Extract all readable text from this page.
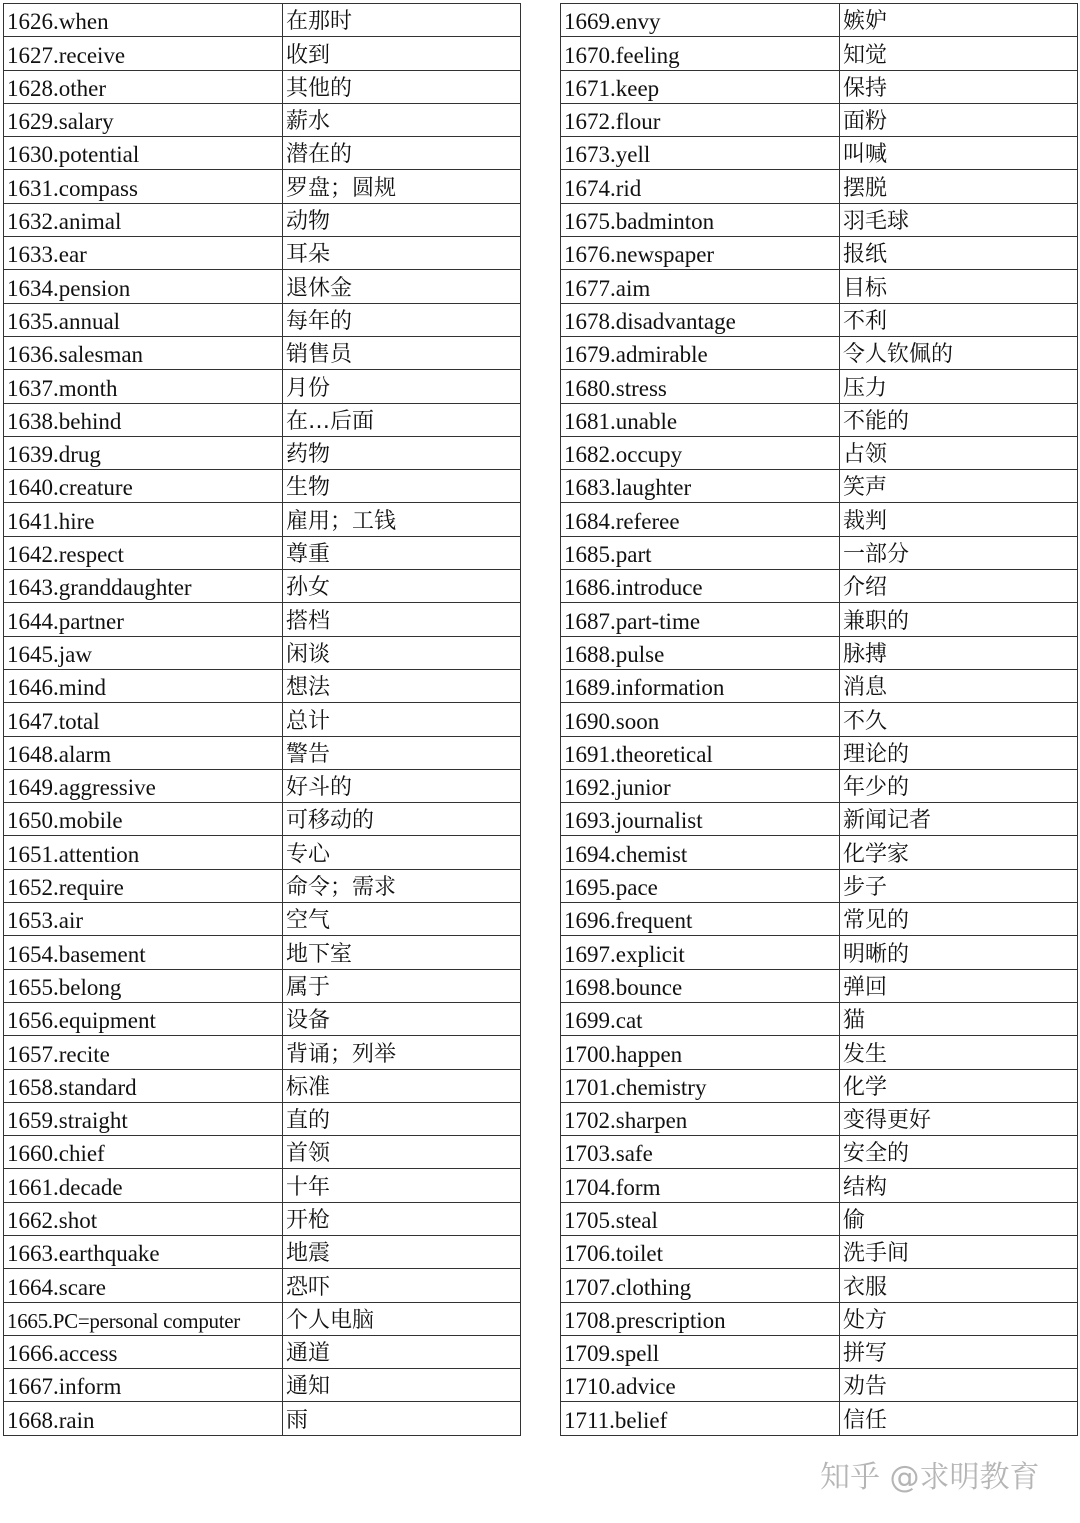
1626.when	在那时
1627.receive	收到
1628.other	其他的
1629.salary	薪水
1630.potential	潜在的
1631.compass	罗盘；圆规
1632.animal	动物
1633.ear	耳朵
1634.pension	退休金
1635.annual	每年的
1636.salesman	销售员
1637.month	月份
1638.behind	在…后面
1639.drug	药物
1640.creature	生物
1641.hire	雇用；工钱
1642.respect	尊重
1643.granddaughter	孙女
1644.partner	搭档
1645.jaw	闲谈
1646.mind	想法
1647.total	总计
1648.alarm	警告
1649.aggressive	好斗的
1650.mobile	可移动的
1651.attention	专心
1652.require	命令；需求
1653.air	空气
1654.basement	地下室
1655.belong	属于
1656.equipment	设备
1657.recite	背诵；列举
1658.standard	标准
1659.straight	直的
1660.chief	首领
1661.decade	十年
1662.shot	开枪
1663.earthquake	地震
1664.scare	恐吓
1665.PC=personal computer	个人电脑
1666.access	通道
1667.inform	通知
1668.rain	雨
1669.envy	嫉妒
1670.feeling	知觉
1671.keep	保持
1672.flour	面粉
1673.yell	叫喊
1674.rid	摆脱
1675.badminton	羽毛球
1676.newspaper	报纸
1677.aim	目标
1678.disadvantage	不利
1679.admirable	令人钦佩的
1680.stress	压力
1681.unable	不能的
1682.occupy	占领
1683.laughter	笑声
1684.referee	裁判
1685.part	一部分
1686.introduce	介绍
1687.part-time	兼职的
1688.pulse	脉搏
1689.information	消息
1690.soon	不久
1691.theoretical	理论的
1692.junior	年少的
1693.journalist	新闻记者
1694.chemist	化学家
1695.pace	步子
1696.frequent	常见的
1697.explicit	明晰的
1698.bounce	弹回
1699.cat	猫
1700.happen	发生
1701.chemistry	化学
1702.sharpen	变得更好
1703.safe	安全的
1704.form	结构
1705.steal	偷
1706.toilet	洗手间
1707.clothing	衣服
1708.prescription	处方
1709.spell	拼写
1710.advice	劝告
1711.belief	信任
知乎 @求明教育
